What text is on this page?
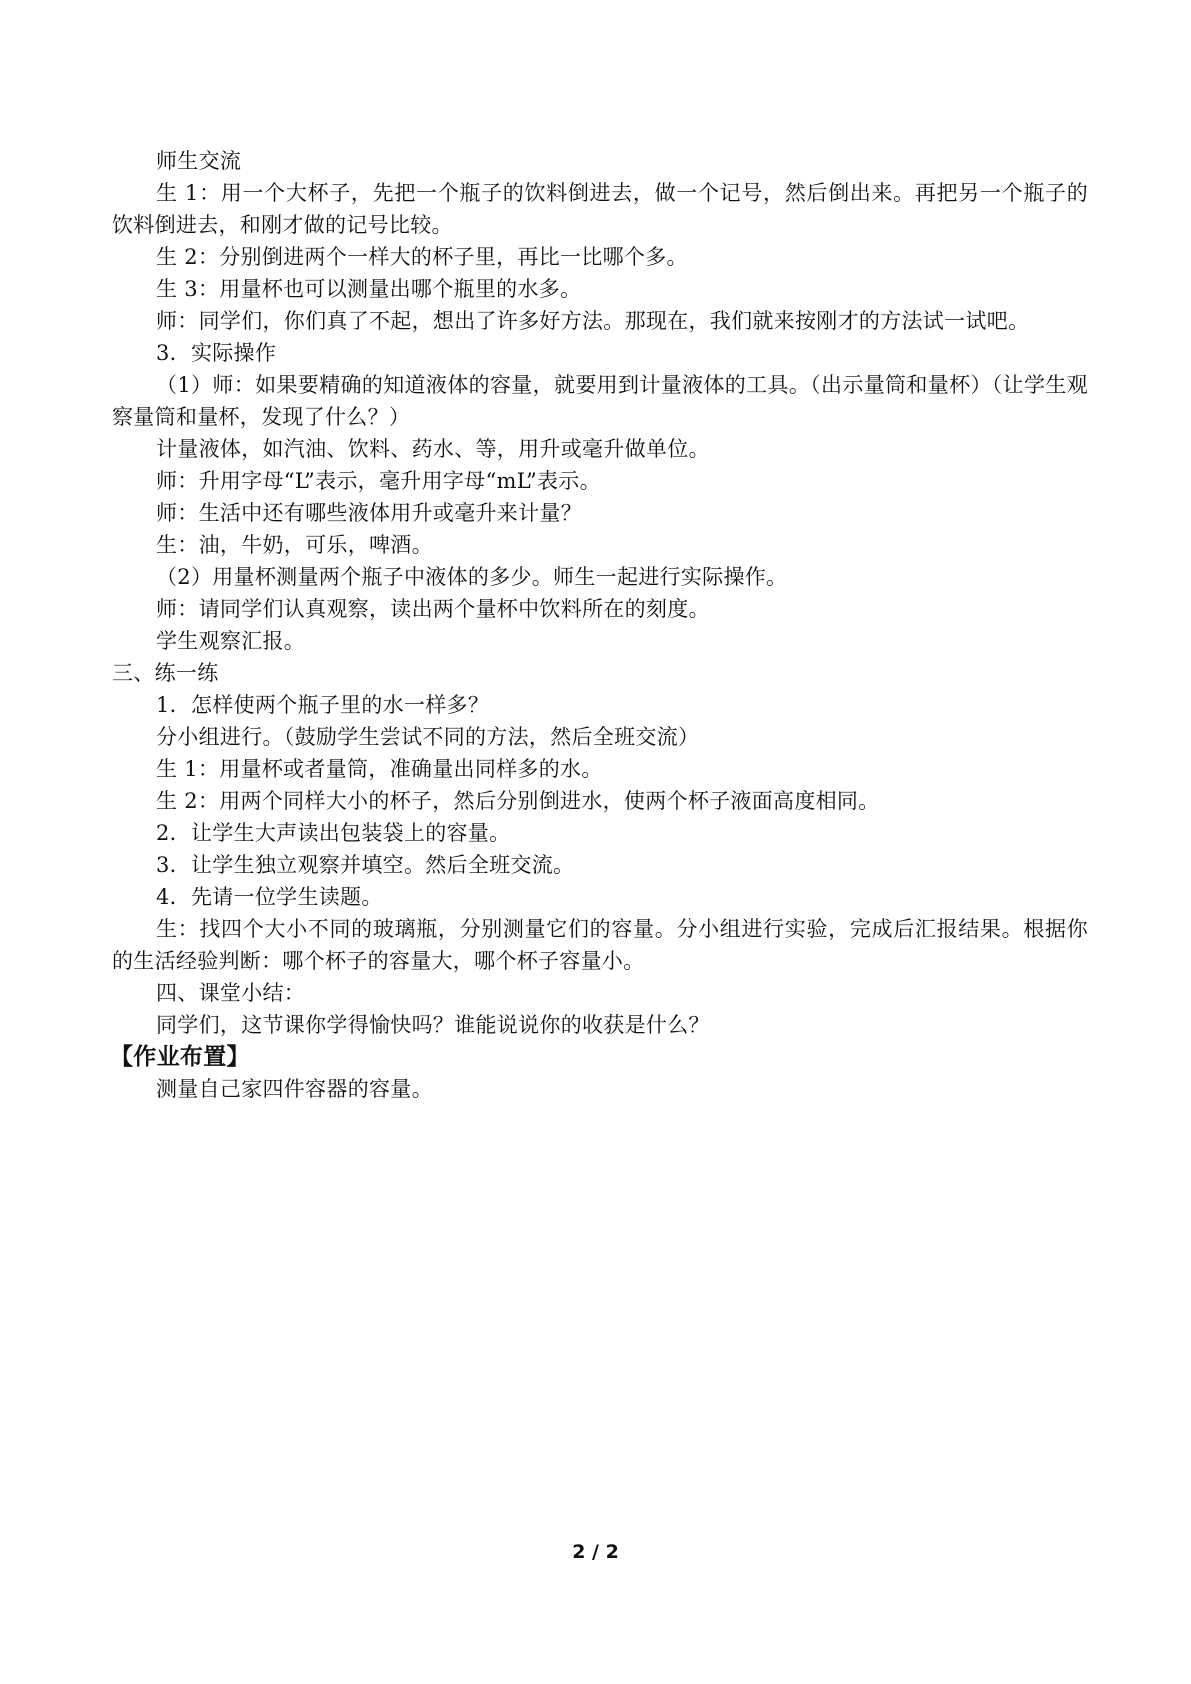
师生交流

生 1：用一个大杯子，先把一个瓶子的饮料倒进去，做一个记号，然后倒出来。再把另一个瓶子的饮料倒进去，和刚才做的记号比较。

生 2：分别倒进两个一样大的杯子里，再比一比哪个多。

生 3：用量杯也可以测量出哪个瓶里的水多。

师：同学们，你们真了不起，想出了许多好方法。那现在，我们就来按刚才的方法试一试吧。

3．实际操作

（1）师：如果要精确的知道液体的容量，就要用到计量液体的工具。（出示量筒和量杯）（让学生观察量筒和量杯，发现了什么？）

计量液体，如汽油、饮料、药水、等，用升或毫升做单位。

师：升用字母“L”表示，毫升用字母“mL”表示。

师：生活中还有哪些液体用升或毫升来计量？

生：油，牛奶，可乐，啤酒。

（2）用量杯测量两个瓶子中液体的多少。师生一起进行实际操作。

师：请同学们认真观察，读出两个量杯中饮料所在的刻度。

学生观察汇报。

三、练一练

1．怎样使两个瓶子里的水一样多？

分小组进行。（鼓励学生尝试不同的方法，然后全班交流）

生 1：用量杯或者量筒，准确量出同样多的水。

生 2：用两个同样大小的杯子，然后分别倒进水，使两个杯子液面高度相同。

2．让学生大声读出包装袋上的容量。

3．让学生独立观察并填空。然后全班交流。

4．先请一位学生读题。

生：找四个大小不同的玻璃瓶，分别测量它们的容量。分小组进行实验，完成后汇报结果。根据你的生活经验判断：哪个杯子的容量大，哪个杯子容量小。

四、课堂小结：

同学们，这节课你学得愉快吗？谁能说说你的收获是什么？

【作业布置】

测量自己家四件容器的容量。

2 / 2
